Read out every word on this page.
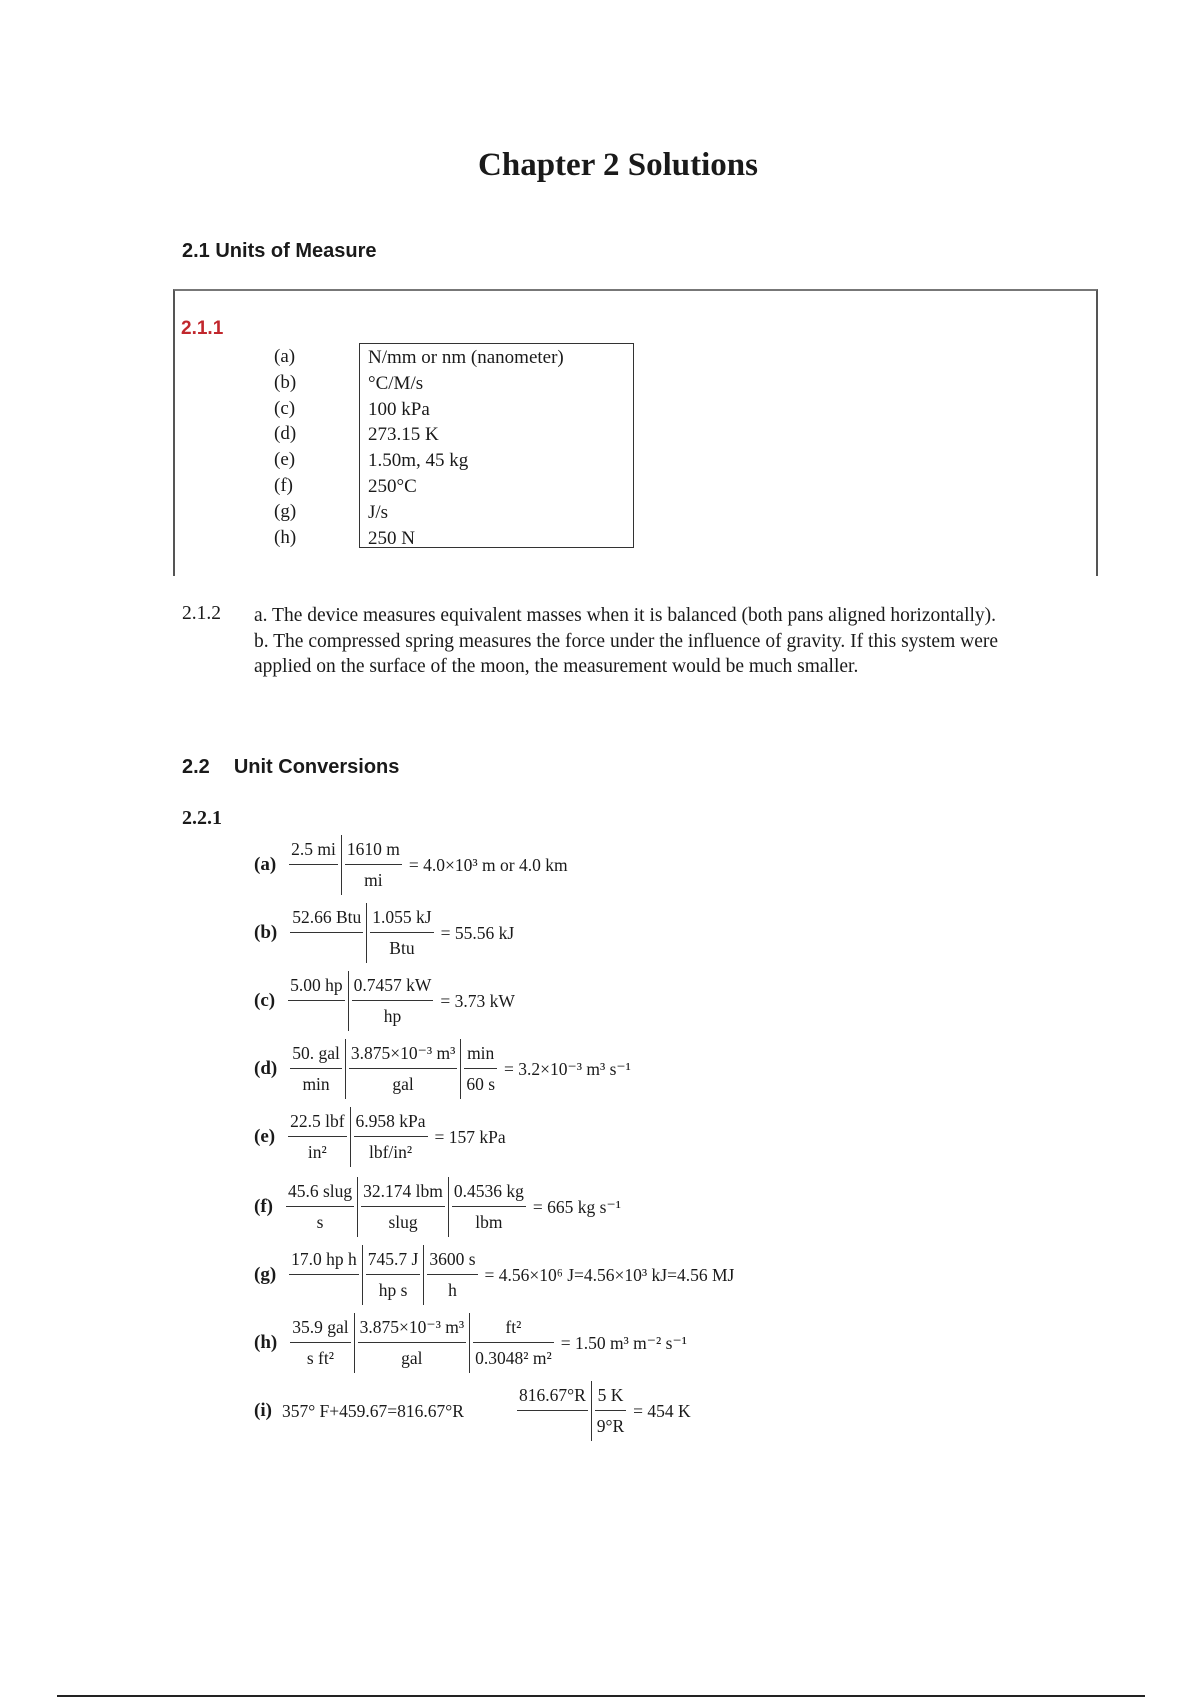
Chapter 2 Solutions
2.1 Units of Measure
2.1.1
(a)
(b)
(c)
(d)
(e)
(f)
(g)
(h)
N/mm or nm (nanometer)
°C/M/s
100 kPa
273.15 K
1.50m, 45 kg
250°C
J/s
250 N
2.1.2 a. The device measures equivalent masses when it is balanced (both pans aligned horizontally).
b. The compressed spring measures the force under the influence of gravity. If this system were applied on the surface of the moon, the measurement would be much smaller.
2.2 Unit Conversions
2.2.1
(a)
2.5 mi
$\frac{1610 m}{mi} = 4.0\times 10^3$ m or 4.0 km
(b)
52.66 Btu
$\frac{1.055 kJ}{\text{Btu}} = 55.56$ kJ
(c)
5.00 hp
$\frac{0.7457 kW}{hp} = 3.73$ kW
$(d) \frac{\text{50. gal}}{\min} \frac{\text{3.875×10⁻³ m³}}{\text{gal}} \frac{\min}{60 s} = 3.2\times 10^{-3}$ m³ s⁻¹
$(e) \frac{\text{22.5 lbf}}{\text{in²}} \frac{\text{6.958 kPa}}{\text{lbf/in²}} = 157$ kPa
$(f) \frac{\text{45.6 slug}}{s} \frac{\text{32.174 lbm}}{\text{slug}} \frac{0.4536 kg}{\text{lbm}} = 665$ kg s⁻¹
(g)
17.0 hp h
$\frac{745.7 J}{\text{hp s}} \frac{3600 s}{h} = 4.56\times 10^6$ J=4.56×10³ kJ=4.56 MJ
$(h) \frac{\text{35.9 gal}}{\text{s ft²}} \frac{\text{3.875×10⁻³ m³}}{\text{gal}} \frac{\text{ft²}}{\text{0.3048² m²}} = 1.50$ m³ m⁻² s⁻¹
(i) 357° F+459.67=816.67°R
816.67°R
$\frac{5 K}{9^\circ R} = 454$ K
